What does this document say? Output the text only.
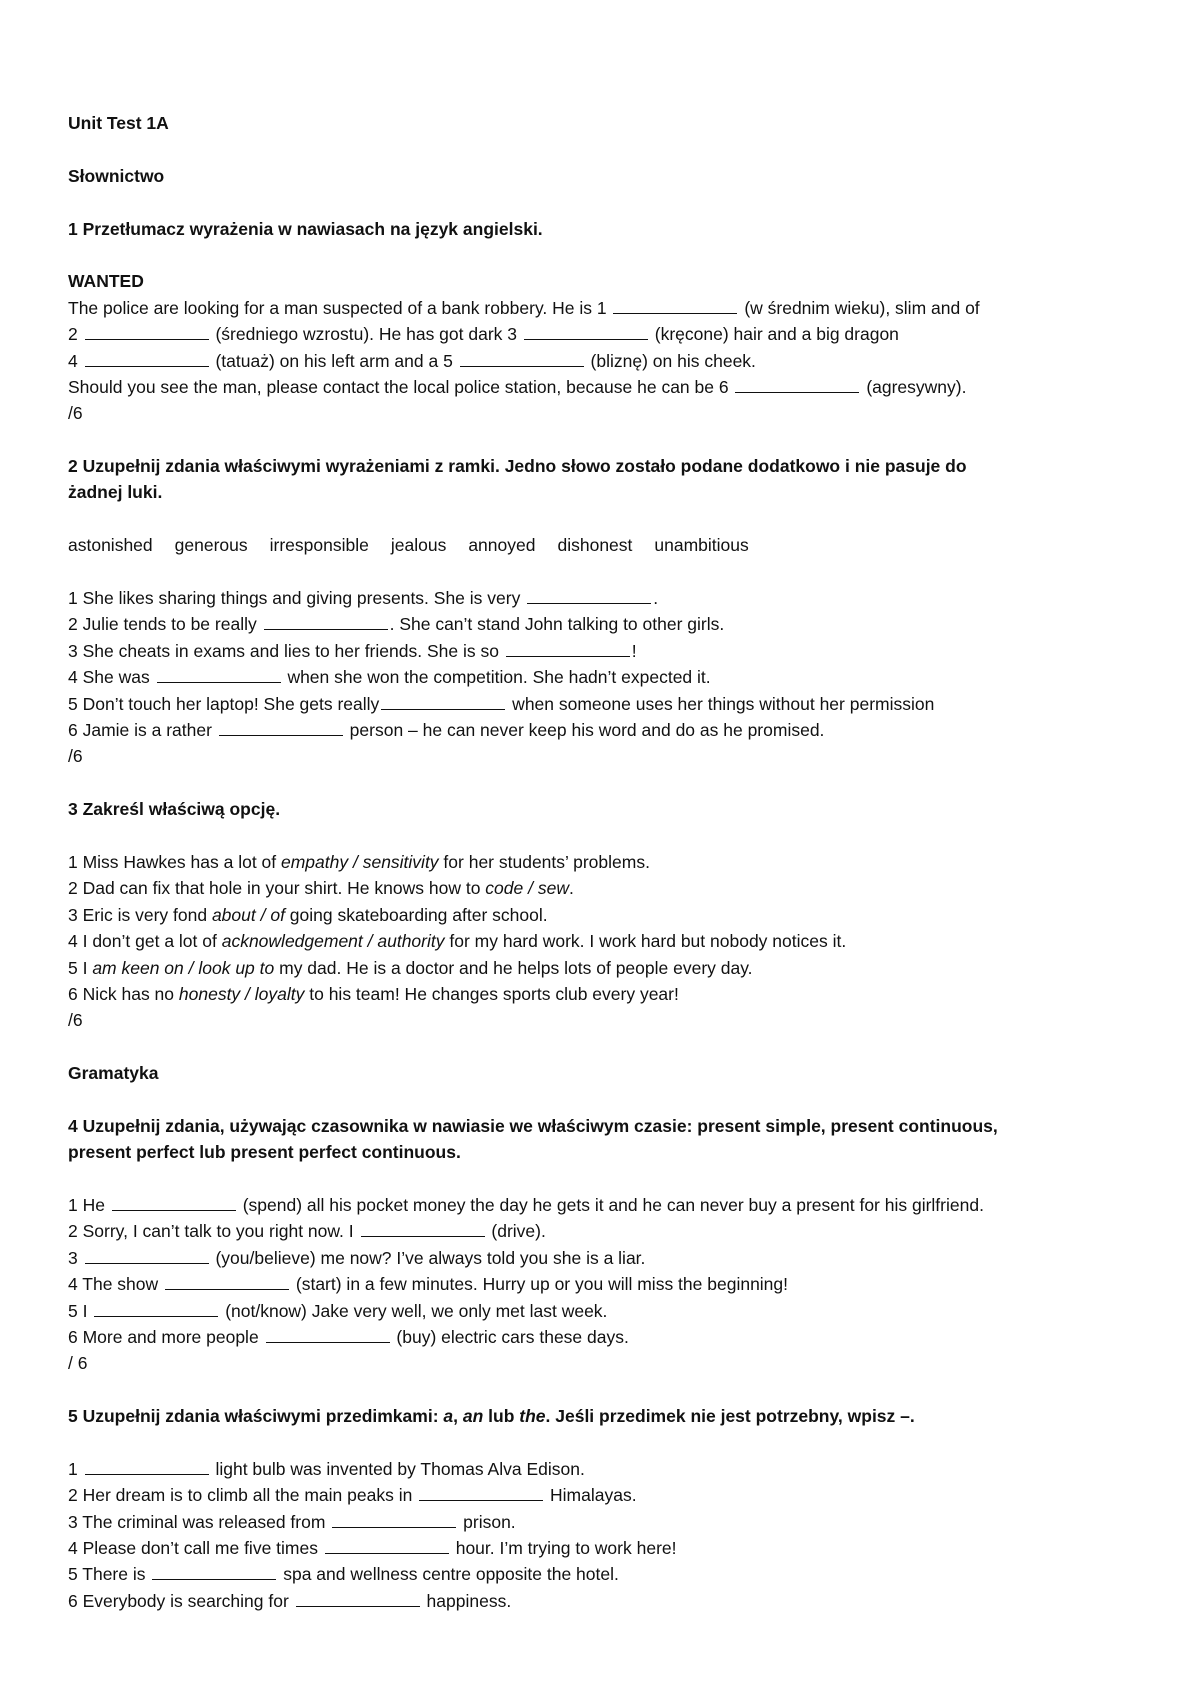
Unit Test 1A
Słownictwo
1 Przetłumacz wyrażenia w nawiasach na język angielski.
WANTED
The police are looking for a man suspected of a bank robbery. He is 1	(w średnim wieku), slim and of
2	(średniego wzrostu). He has got dark 3	(kręcone) hair and a big dragon
4	(tatuaż) on his left arm and a 5	(bliznę) on his cheek.
Should you see the man, please contact the local police station, because he can be 6	(agresywny).
/6
2 Uzupełnij zdania właściwymi wyrażeniami z ramki. Jedno słowo zostało podane dodatkowo i nie pasuje do
żadnej luki.
astonished generous irresponsible jealous annoyed dishonest unambitious
1 She likes sharing things and giving presents. She is very	.
2 Julie tends to be really	. She can’t stand John talking to other girls.
3 She cheats in exams and lies to her friends. She is so	!
4 She was	when she won the competition. She hadn’t expected it.
5 Don’t touch her laptop! She gets really	when someone uses her things without her permission
6 Jamie is a rather	person – he can never keep his word and do as he promised.
/6
3 Zakreśl właściwą opcję.
1 Miss Hawkes has a lot of empathy / sensitivity for her students’ problems.
2 Dad can fix that hole in your shirt. He knows how to code / sew.
3 Eric is very fond about / of going skateboarding after school.
4 I don’t get a lot of acknowledgement / authority for my hard work. I work hard but nobody notices it.
5 I am keen on / look up to my dad. He is a doctor and he helps lots of people every day.
6 Nick has no honesty / loyalty to his team! He changes sports club every year!
/6
Gramatyka
4 Uzupełnij zdania, używając czasownika w nawiasie we właściwym czasie: present simple, present continuous,
present perfect lub present perfect continuous.
1 He	(spend) all his pocket money the day he gets it and he can never buy a present for his girlfriend.
2 Sorry, I can’t talk to you right now. I	(drive).
3	(you/believe) me now? I’ve always told you she is a liar.
4 The show	(start) in a few minutes. Hurry up or you will miss the beginning!
5 I	(not/know) Jake very well, we only met last week.
6 More and more people	(buy) electric cars these days.
/ 6
5 Uzupełnij zdania właściwymi przedimkami: a, an lub the. Jeśli przedimek nie jest potrzebny, wpisz –.
1	light bulb was invented by Thomas Alva Edison.
2 Her dream is to climb all the main peaks in	Himalayas.
3 The criminal was released from	prison.
4 Please don’t call me five times	hour. I’m trying to work here!
5 There is	spa and wellness centre opposite the hotel.
6 Everybody is searching for	happiness.
